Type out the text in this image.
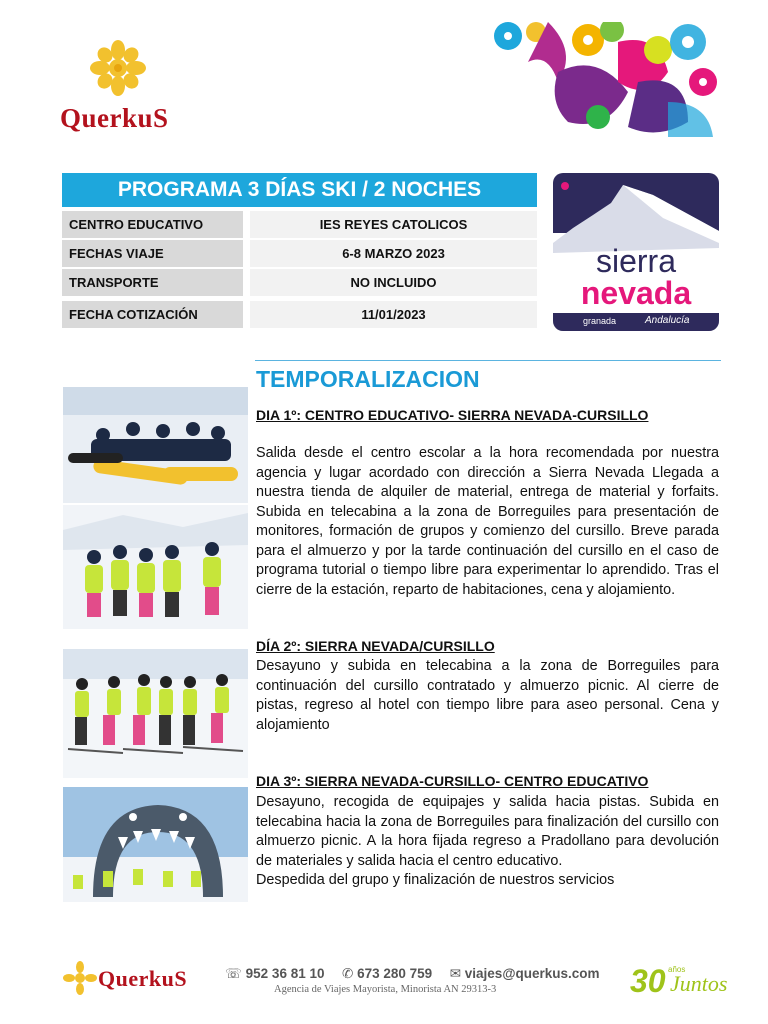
QuerkuS
PROGRAMA 3 DÍAS SKI / 2 NOCHES
CENTRO EDUCATIVO	IES REYES CATOLICOS
FECHAS VIAJE	6-8 MARZO 2023
TRANSPORTE	NO INCLUIDO
FECHA COTIZACIÓN	11/01/2023
sierra
nevada
granada	Andalucía
TEMPORALIZACION
DIA 1º: CENTRO EDUCATIVO- SIERRA NEVADA-CURSILLO
Salida desde el centro escolar a la hora recomendada por nuestra agencia y lugar acordado con dirección a Sierra Nevada Llegada a nuestra tienda de alquiler de material, entrega de material y forfaits. Subida en telecabina a la zona de Borreguiles para presentación de monitores, formación de grupos y comienzo del cursillo. Breve parada para el almuerzo y por la tarde continuación del cursillo en el caso de programa tutorial o tiempo libre para experimentar lo aprendido. Tras el cierre de la estación, reparto de habitaciones, cena y alojamiento.
DÍA 2º: SIERRA NEVADA/CURSILLO
Desayuno y subida en telecabina a la zona de Borreguiles para continuación del cursillo contratado y almuerzo picnic. Al cierre de pistas, regreso al hotel con tiempo libre para aseo personal. Cena y alojamiento
DIA 3º: SIERRA NEVADA-CURSILLO- CENTRO EDUCATIVO
Desayuno, recogida de equipajes y salida hacia pistas. Subida en telecabina hacia la zona de Borreguiles para finalización del cursillo con almuerzo picnic. A la hora fijada regreso a Pradollano para devolución de materiales y salida hacia el centro educativo.
Despedida del grupo y finalización de nuestros servicios
QuerkuS	☏ 952 36 81 10 ✆ 673 280 759 ✉ viajes@querkus.com
Agencia de Viajes Mayorista, Minorista AN 29313-3	30 años
Juntos
